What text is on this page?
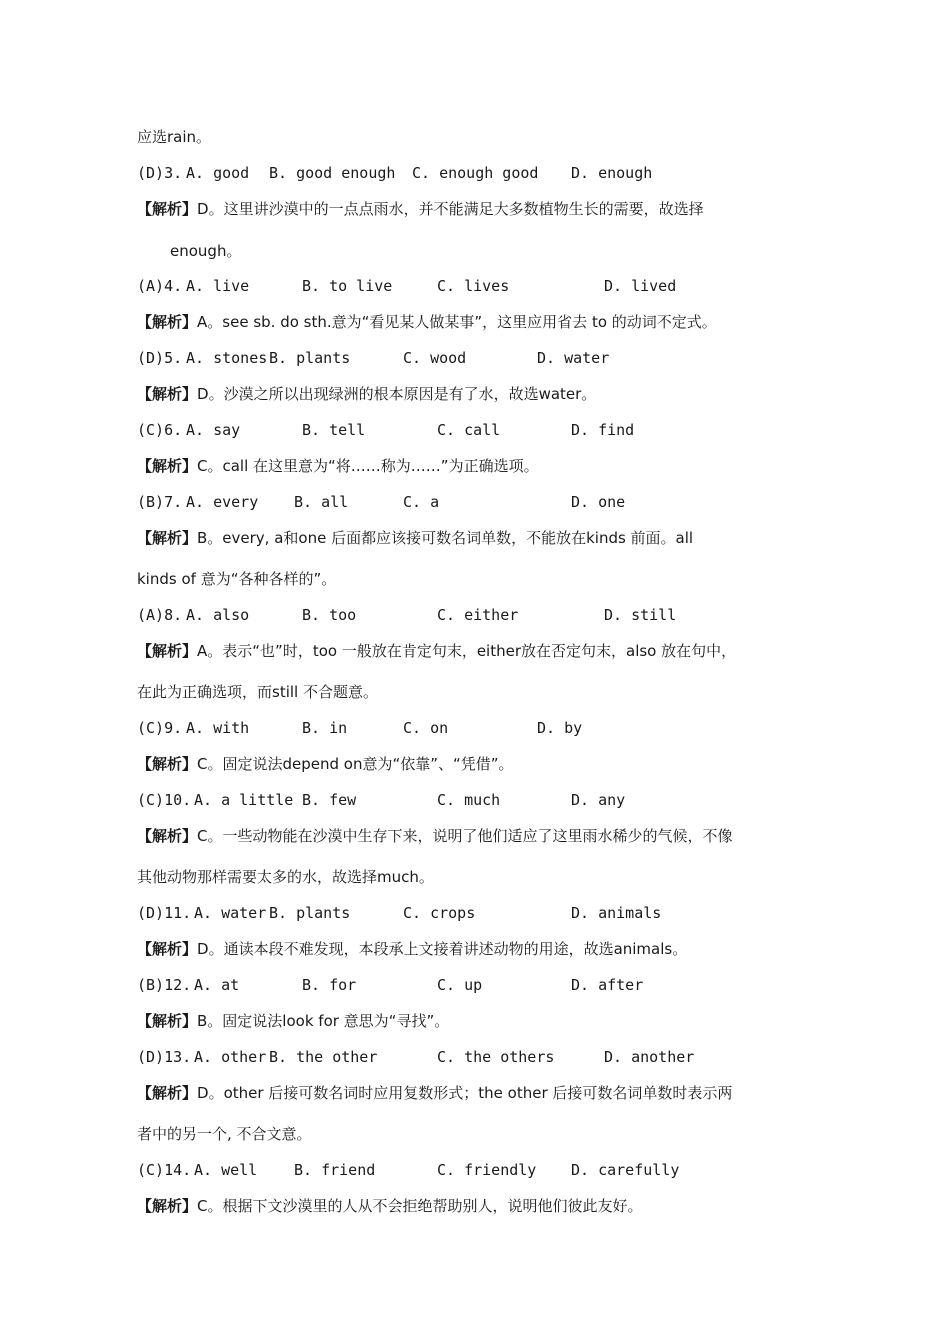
应选rain。

(D)3.

A. good

B. good enough

C. enough good

D. enough

【解析】D。这里讲沙漠中的一点点雨水，并不能满足大多数植物生长的需要，故选择
enough。

(A)4.

A. live

	B. to live

	C. lives

	D. lived

【解析】A。see sb. do sth.意为“看见某人做某事”，这里应用省去 to 的动词不定式。

(D)5.

A. stones

B. plants

	C. wood

	D. water

【解析】D。沙漠之所以出现绿洲的根本原因是有了水，故选water。

(C)6.

A. say

	B. tell

	C. call

	D. find

【解析】C。call 在这里意为“将……称为……”为正确选项。

(B)7.

A. every

B. all

	C. a

	D. one

【解析】B。every, a和one 后面都应该接可数名词单数，不能放在kinds 前面。all
kinds of 意为“各种各样的”。

(A)8.

A. also

	B. too

	C. either

	D. still

【解析】A。表示“也”时，too 一般放在肯定句末，either放在否定句末，also 放在句中，
在此为正确选项，而still 不合题意。

(C)9.

A. with

	B. in

	C. on

	D. by

【解析】C。固定说法depend on意为“依靠”、“凭借”。

(C)10.

A. a little

B. few

	C. much

	D. any

【解析】C。一些动物能在沙漠中生存下来，说明了他们适应了这里雨水稀少的气候，不像
其他动物那样需要太多的水，故选择much。

(D)11.

A. water

B. plants

	C. crops

	D. animals

【解析】D。通读本段不难发现，本段承上文接着讲述动物的用途，故选animals。

(B)12.

A. at

	B. for

	C. up

	D. after

【解析】B。固定说法look for 意思为“寻找”。

(D)13.

A. other

B. the other

	C. the others

	D. another

【解析】D。other 后接可数名词时应用复数形式；the other 后接可数名词单数时表示两
者中的另一个, 不合文意。

(C)14.

A. well

B. friend

	C. friendly

D. carefully

【解析】C。根据下文沙漠里的人从不会拒绝帮助别人，说明他们彼此友好。
